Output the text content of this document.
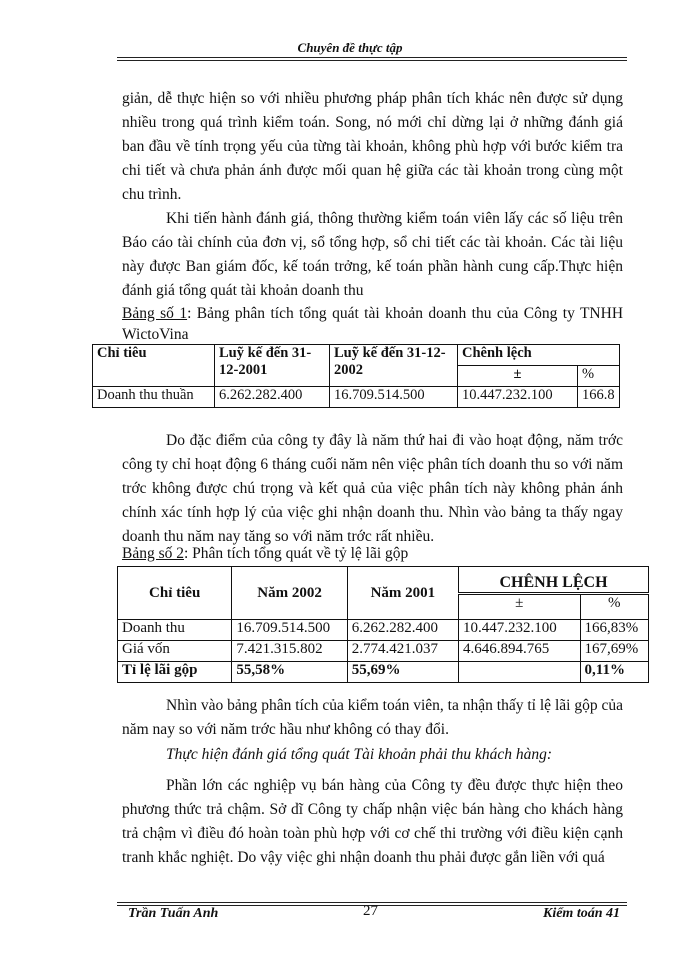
Chuyên đề thực tập

giản, dễ thực hiện so với nhiều phương pháp phân tích khác nên được sử dụng nhiều trong quá trình kiểm toán. Song, nó mới chỉ dừng lại ở những đánh giá ban đầu về tính trọng yếu của từng tài khoản, không phù hợp với bước kiểm tra chi tiết và chưa phản ánh được mối quan hệ giữa các tài khoản trong cùng một chu trình.

Khi tiến hành đánh giá, thông thường kiểm toán viên lấy các số liệu trên Báo cáo tài chính của đơn vị, sổ tổng hợp, sổ chi tiết các tài khoản. Các tài liệu này được Ban giám đốc, kế toán trởng, kế toán phần hành cung cấp.Thực hiện đánh giá tổng quát tài khoản doanh thu

Bảng số 1: Bảng phân tích tổng quát tài khoản doanh thu của Công ty TNHH WictoVina
Chỉ tiêu	Luỹ kế đến 31-12-2001	Luỹ kế đến 31-12-2002	Chênh lệch	
			±	%
Doanh thu thuần	6.262.282.400	16.709.514.500	10.447.232.100	166.8

Do đặc điểm của công ty đây là năm thứ hai đi vào hoạt động, năm trớc công ty chỉ hoạt động 6 tháng cuối năm nên việc phân tích doanh thu so với năm trớc không được chú trọng và kết quả của việc phân tích này không phản ánh chính xác tính hợp lý của việc ghi nhận doanh thu. Nhìn vào bảng ta thấy ngay doanh thu năm nay tăng so với năm trớc rất nhiều.

Bảng số 2: Phân tích tổng quát về tỷ lệ lãi gộp
Chỉ tiêu	Năm 2002	Năm 2001	CHÊNH LỆCH	
			±	%
Doanh thu	16.709.514.500	6.262.282.400	10.447.232.100	166,83%
Giá vốn	7.421.315.802	2.774.421.037	4.646.894.765	167,69%
Tỉ lệ lãi gộp	55,58%	55,69%		0,11%

Nhìn vào bảng phân tích của kiểm toán viên, ta nhận thấy tỉ lệ lãi gộp của năm nay so với năm trớc hầu như không có thay đổi.

Thực hiện đánh giá tổng quát Tài khoản phải thu khách hàng:

Phần lớn các nghiệp vụ bán hàng của Công ty đều được thực hiện theo phương thức trả chậm. Sở dĩ Công ty chấp nhận việc bán hàng cho khách hàng trả chậm vì điều đó hoàn toàn phù hợp với cơ chế thi trường với điều kiện cạnh tranh khắc nghiệt. Do vậy việc ghi nhận doanh thu phải được gắn liền với quá

Trần Tuấn Anh	27	Kiểm toán 41
